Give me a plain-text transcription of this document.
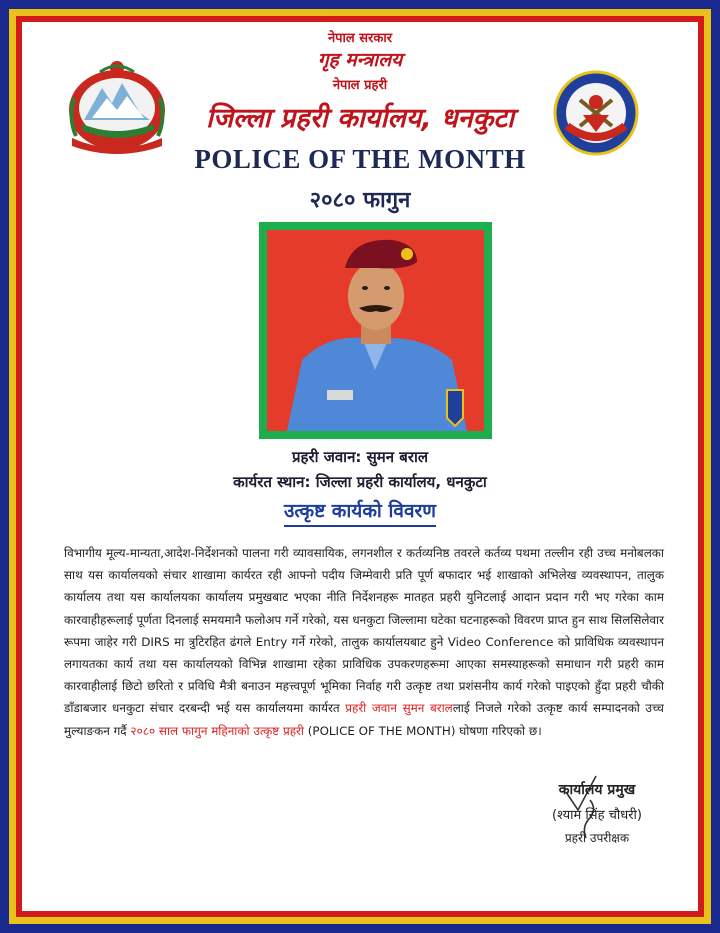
नेपाल सरकार
गृह मन्त्रालय
नेपाल प्रहरी
जिल्ला प्रहरी कार्यालय, धनकुटा
POLICE OF THE MONTH
२०८० फागुन
प्रहरी जवान: सुमन बराल
कार्यरत स्थान: जिल्ला प्रहरी कार्यालय, धनकुटा
उत्कृष्ट कार्यको विवरण
विभागीय मूल्य-मान्यता,आदेश-निर्देशनको पालना गरी व्यावसायिक, लगनशील र कर्तव्यनिष्ठ तवरले कर्तव्य पथमा तल्लीन रही उच्च मनोबलका साथ यस कार्यालयको संचार शाखामा कार्यरत रही आफ्नो पदीय जिम्मेवारी प्रति पूर्ण बफादार भई शाखाको अभिलेख व्यवस्थापन, तालुक कार्यालय तथा यस कार्यालयका कार्यालय प्रमुखबाट भएका नीति निर्देशनहरू मातहत प्रहरी युनिटलाई आदान प्रदान गरी भए गरेका काम कारवाहीहरूलाई पूर्णता दिनलाई समयमानै फलोअप गर्ने गरेको, यस धनकुटा जिल्लामा घटेका घटनाहरूको विवरण प्राप्त हुन साथ सिलसिलेवार रूपमा जाहेर गरी DIRS मा त्रुटिरहित ढंगले Entry गर्ने गरेको, तालुक कार्यालयबाट हुने Video Conference को प्राविधिक व्यवस्थापन लगायतका कार्य तथा यस कार्यालयको विभिन्न शाखामा रहेका प्राविधिक उपकरणहरूमा आएका समस्याहरूको समाधान गरी प्रहरी काम कारवाहीलाई छिटो छरितो र प्रविधि मैत्री बनाउन महत्त्वपूर्ण भूमिका निर्वाह गरी उत्कृष्ट तथा प्रशंसनीय कार्य गरेको पाइएको हुँदा प्रहरी चौकी डाँडाबजार धनकुटा संचार दरबन्दी भई यस कार्यालयमा कार्यरत प्रहरी जवान सुमन बराललाई निजले गरेको उत्कृष्ट कार्य सम्पादनको उच्च मुल्याङकन गर्दै २०८० साल फागुन महिनाको उत्कृष्ट प्रहरी (POLICE OF THE MONTH) घोषणा गरिएको छ।
कार्यालय प्रमुख
(श्याम सिंह चौधरी)
प्रहरी उपरीक्षक
